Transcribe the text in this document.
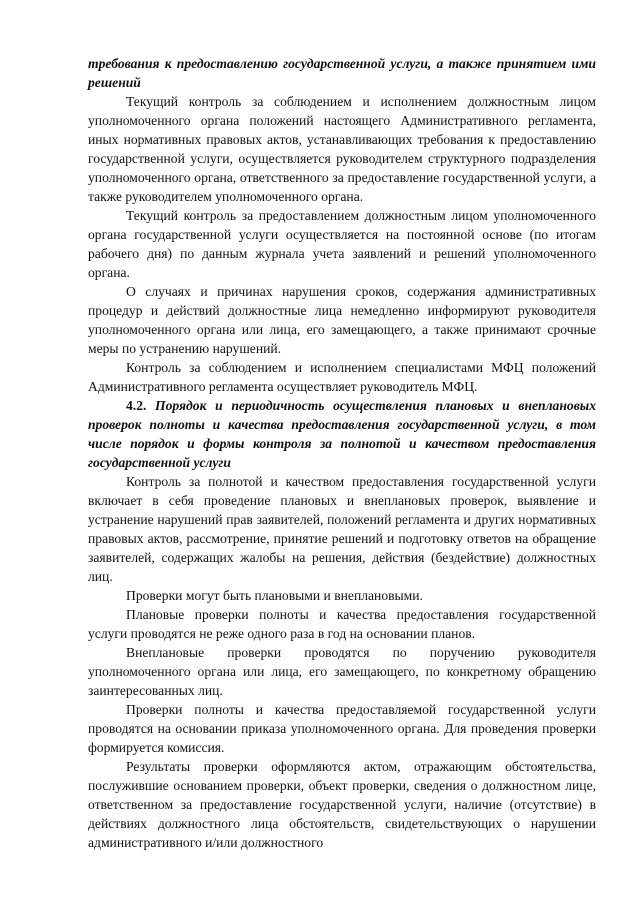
требования к предоставлению государственной услуги, а также принятием ими решений

Текущий контроль за соблюдением и исполнением должностным лицом уполномоченного органа положений настоящего Административного регламента, иных нормативных правовых актов, устанавливающих требования к предоставлению государственной услуги, осуществляется руководителем структурного подразделения уполномоченного органа, ответственного за предоставление государственной услуги, а также руководителем уполномоченного органа.

Текущий контроль за предоставлением должностным лицом уполномоченного органа государственной услуги осуществляется на постоянной основе (по итогам рабочего дня) по данным журнала учета заявлений и решений уполномоченного органа.

О случаях и причинах нарушения сроков, содержания административных процедур и действий должностные лица немедленно информируют руководителя уполномоченного органа или лица, его замещающего, а также принимают срочные меры по устранению нарушений.

Контроль за соблюдением и исполнением специалистами МФЦ положений Административного регламента осуществляет руководитель МФЦ.

4.2. Порядок и периодичность осуществления плановых и внеплановых проверок полноты и качества предоставления государственной услуги, в том числе порядок и формы контроля за полнотой и качеством предоставления государственной услуги

Контроль за полнотой и качеством предоставления государственной услуги включает в себя проведение плановых и внеплановых проверок, выявление и устранение нарушений прав заявителей, положений регламента и других нормативных правовых актов, рассмотрение, принятие решений и подготовку ответов на обращение заявителей, содержащих жалобы на решения, действия (бездействие) должностных лиц.

Проверки могут быть плановыми и внеплановыми.

Плановые проверки полноты и качества предоставления государственной услуги проводятся не реже одного раза в год на основании планов.

Внеплановые проверки проводятся по поручению руководителя уполномоченного органа или лица, его замещающего, по конкретному обращению заинтересованных лиц.

Проверки полноты и качества предоставляемой государственной услуги проводятся на основании приказа уполномоченного органа. Для проведения проверки формируется комиссия.

Результаты проверки оформляются актом, отражающим обстоятельства, послужившие основанием проверки, объект проверки, сведения о должностном лице, ответственном за предоставление государственной услуги, наличие (отсутствие) в действиях должностного лица обстоятельств, свидетельствующих о нарушении административного и/или должностного
